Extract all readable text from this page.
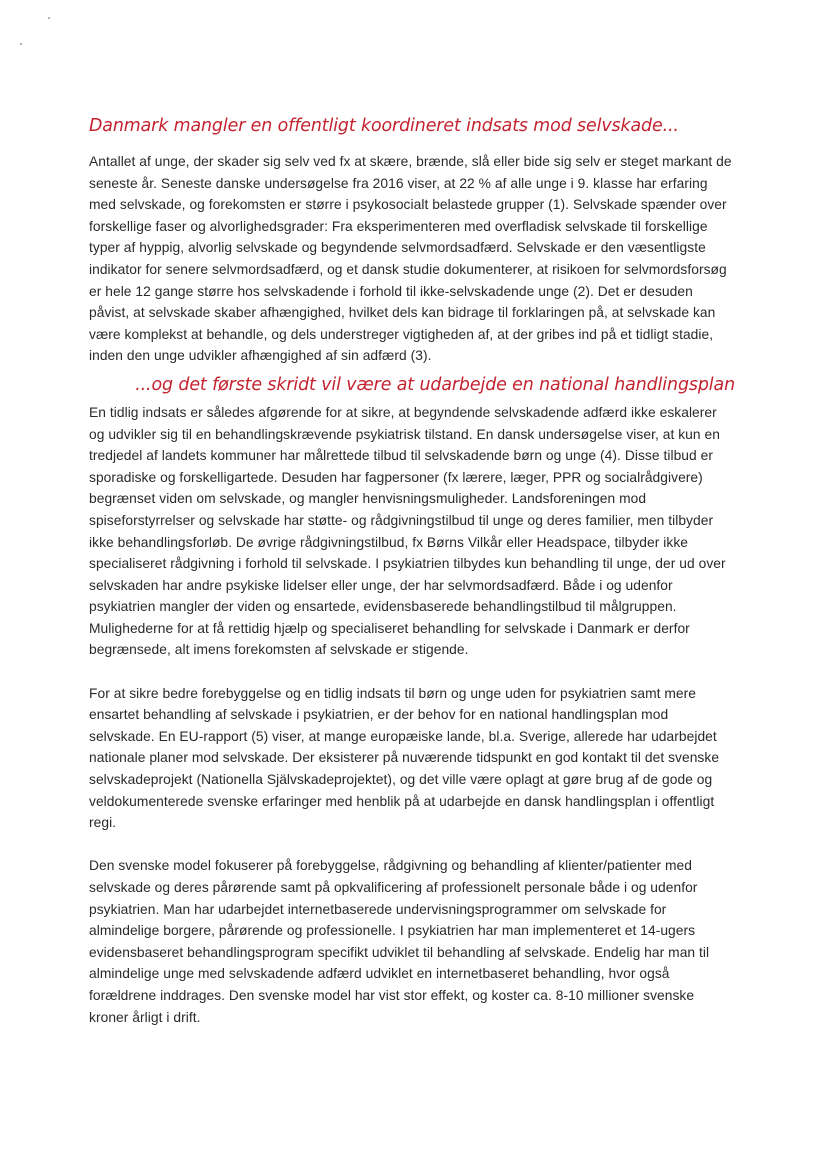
Danmark mangler en offentligt koordineret indsats mod selvskade...

Antallet af unge, der skader sig selv ved fx at skære, brænde, slå eller bide sig selv er steget markant de seneste år. Seneste danske undersøgelse fra 2016 viser, at 22 % af alle unge i 9. klasse har erfaring med selvskade, og forekomsten er større i psykosocialt belastede grupper (1). Selvskade spænder over forskellige faser og alvorlighedsgrader: Fra eksperimenteren med overfladisk selvskade til forskellige typer af hyppig, alvorlig selvskade og begyndende selvmordsadfærd. Selvskade er den væsentligste indikator for senere selvmordsadfærd, og et dansk studie dokumenterer, at risikoen for selvmordsforsøg er hele 12 gange større hos selvskadende i forhold til ikke-selvskadende unge (2). Det er desuden påvist, at selvskade skaber afhængighed, hvilket dels kan bidrage til forklaringen på, at selvskade kan være komplekst at behandle, og dels understreger vigtigheden af, at der gribes ind på et tidligt stadie, inden den unge udvikler afhængighed af sin adfærd (3).

...og det første skridt vil være at udarbejde en national handlingsplan

En tidlig indsats er således afgørende for at sikre, at begyndende selvskadende adfærd ikke eskalerer og udvikler sig til en behandlingskrævende psykiatrisk tilstand. En dansk undersøgelse viser, at kun en tredjedel af landets kommuner har målrettede tilbud til selvskadende børn og unge (4). Disse tilbud er sporadiske og forskelligartede. Desuden har fagpersoner (fx lærere, læger, PPR og socialrådgivere) begrænset viden om selvskade, og mangler henvisningsmuligheder. Landsforeningen mod spiseforstyrrelser og selvskade har støtte- og rådgivningstilbud til unge og deres familier, men tilbyder ikke behandlingsforløb. De øvrige rådgivningstilbud, fx Børns Vilkår eller Headspace, tilbyder ikke specialiseret rådgivning i forhold til selvskade. I psykiatrien tilbydes kun behandling til unge, der ud over selvskaden har andre psykiske lidelser eller unge, der har selvmordsadfærd. Både i og udenfor psykiatrien mangler der viden og ensartede, evidensbaserede behandlingstilbud til målgruppen. Mulighederne for at få rettidig hjælp og specialiseret behandling for selvskade i Danmark er derfor begrænsede, alt imens forekomsten af selvskade er stigende.

For at sikre bedre forebyggelse og en tidlig indsats til børn og unge uden for psykiatrien samt mere ensartet behandling af selvskade i psykiatrien, er der behov for en national handlingsplan mod selvskade. En EU-rapport (5) viser, at mange europæiske lande, bl.a. Sverige, allerede har udarbejdet nationale planer mod selvskade. Der eksisterer på nuværende tidspunkt en god kontakt til det svenske selvskadeprojekt (Nationella Självskadeprojektet), og det ville være oplagt at gøre brug af de gode og veldokumenterede svenske erfaringer med henblik på at udarbejde en dansk handlingsplan i offentligt regi.

Den svenske model fokuserer på forebyggelse, rådgivning og behandling af klienter/patienter med selvskade og deres pårørende samt på opkvalificering af professionelt personale både i og udenfor psykiatrien. Man har udarbejdet internetbaserede undervisningsprogrammer om selvskade for almindelige borgere, pårørende og professionelle. I psykiatrien har man implementeret et 14-ugers evidensbaseret behandlingsprogram specifikt udviklet til behandling af selvskade. Endelig har man til almindelige unge med selvskadende adfærd udviklet en internetbaseret behandling, hvor også forældrene inddrages. Den svenske model har vist stor effekt, og koster ca. 8-10 millioner svenske kroner årligt i drift.
